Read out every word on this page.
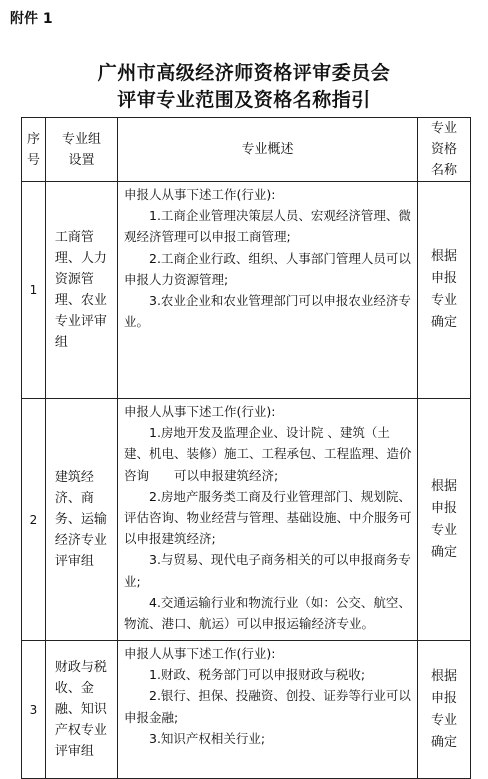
附件 1
广州市高级经济师资格评审委员会
评审专业范围及资格名称指引
序号	专业组设置	专业概述	专业资格名称

1	工商管理、人力资源管理、农业专业评审组	申报人从事下述工作(行业):

1.工商企业管理决策层人员、宏观经济管理、微观经济管理可以申报工商管理;

2.工商企业行政、组织、人事部门管理人员可以申报人力资源管理;

3.农业企业和农业管理部门可以申报农业经济专业。	根据申报专业确定

2	建筑经济、商务、运输经济专业评审组	申报人从事下述工作(行业):

1.房地开发及监理企业、设计院 、建筑（土建、机电、装修）施工、工程承包、工程监理、造价咨询　　可以申报建筑经济;

2.房地产服务类工商及行业管理部门、规划院、评估咨询、物业经营与管理、基础设施、中介服务可以申报建筑经济;

3.与贸易、现代电子商务相关的可以申报商务专业;

4.交通运输行业和物流行业（如：公交、航空、物流、港口、航运）可以申报运输经济专业。	根据申报专业确定

3	财政与税收、金融、知识产权专业评审组	申报人从事下述工作(行业):

1.财政、税务部门可以申报财政与税收;

2.银行、担保、投融资、创投、证券等行业可以申报金融;

3.知识产权相关行业;	根据申报专业确定
